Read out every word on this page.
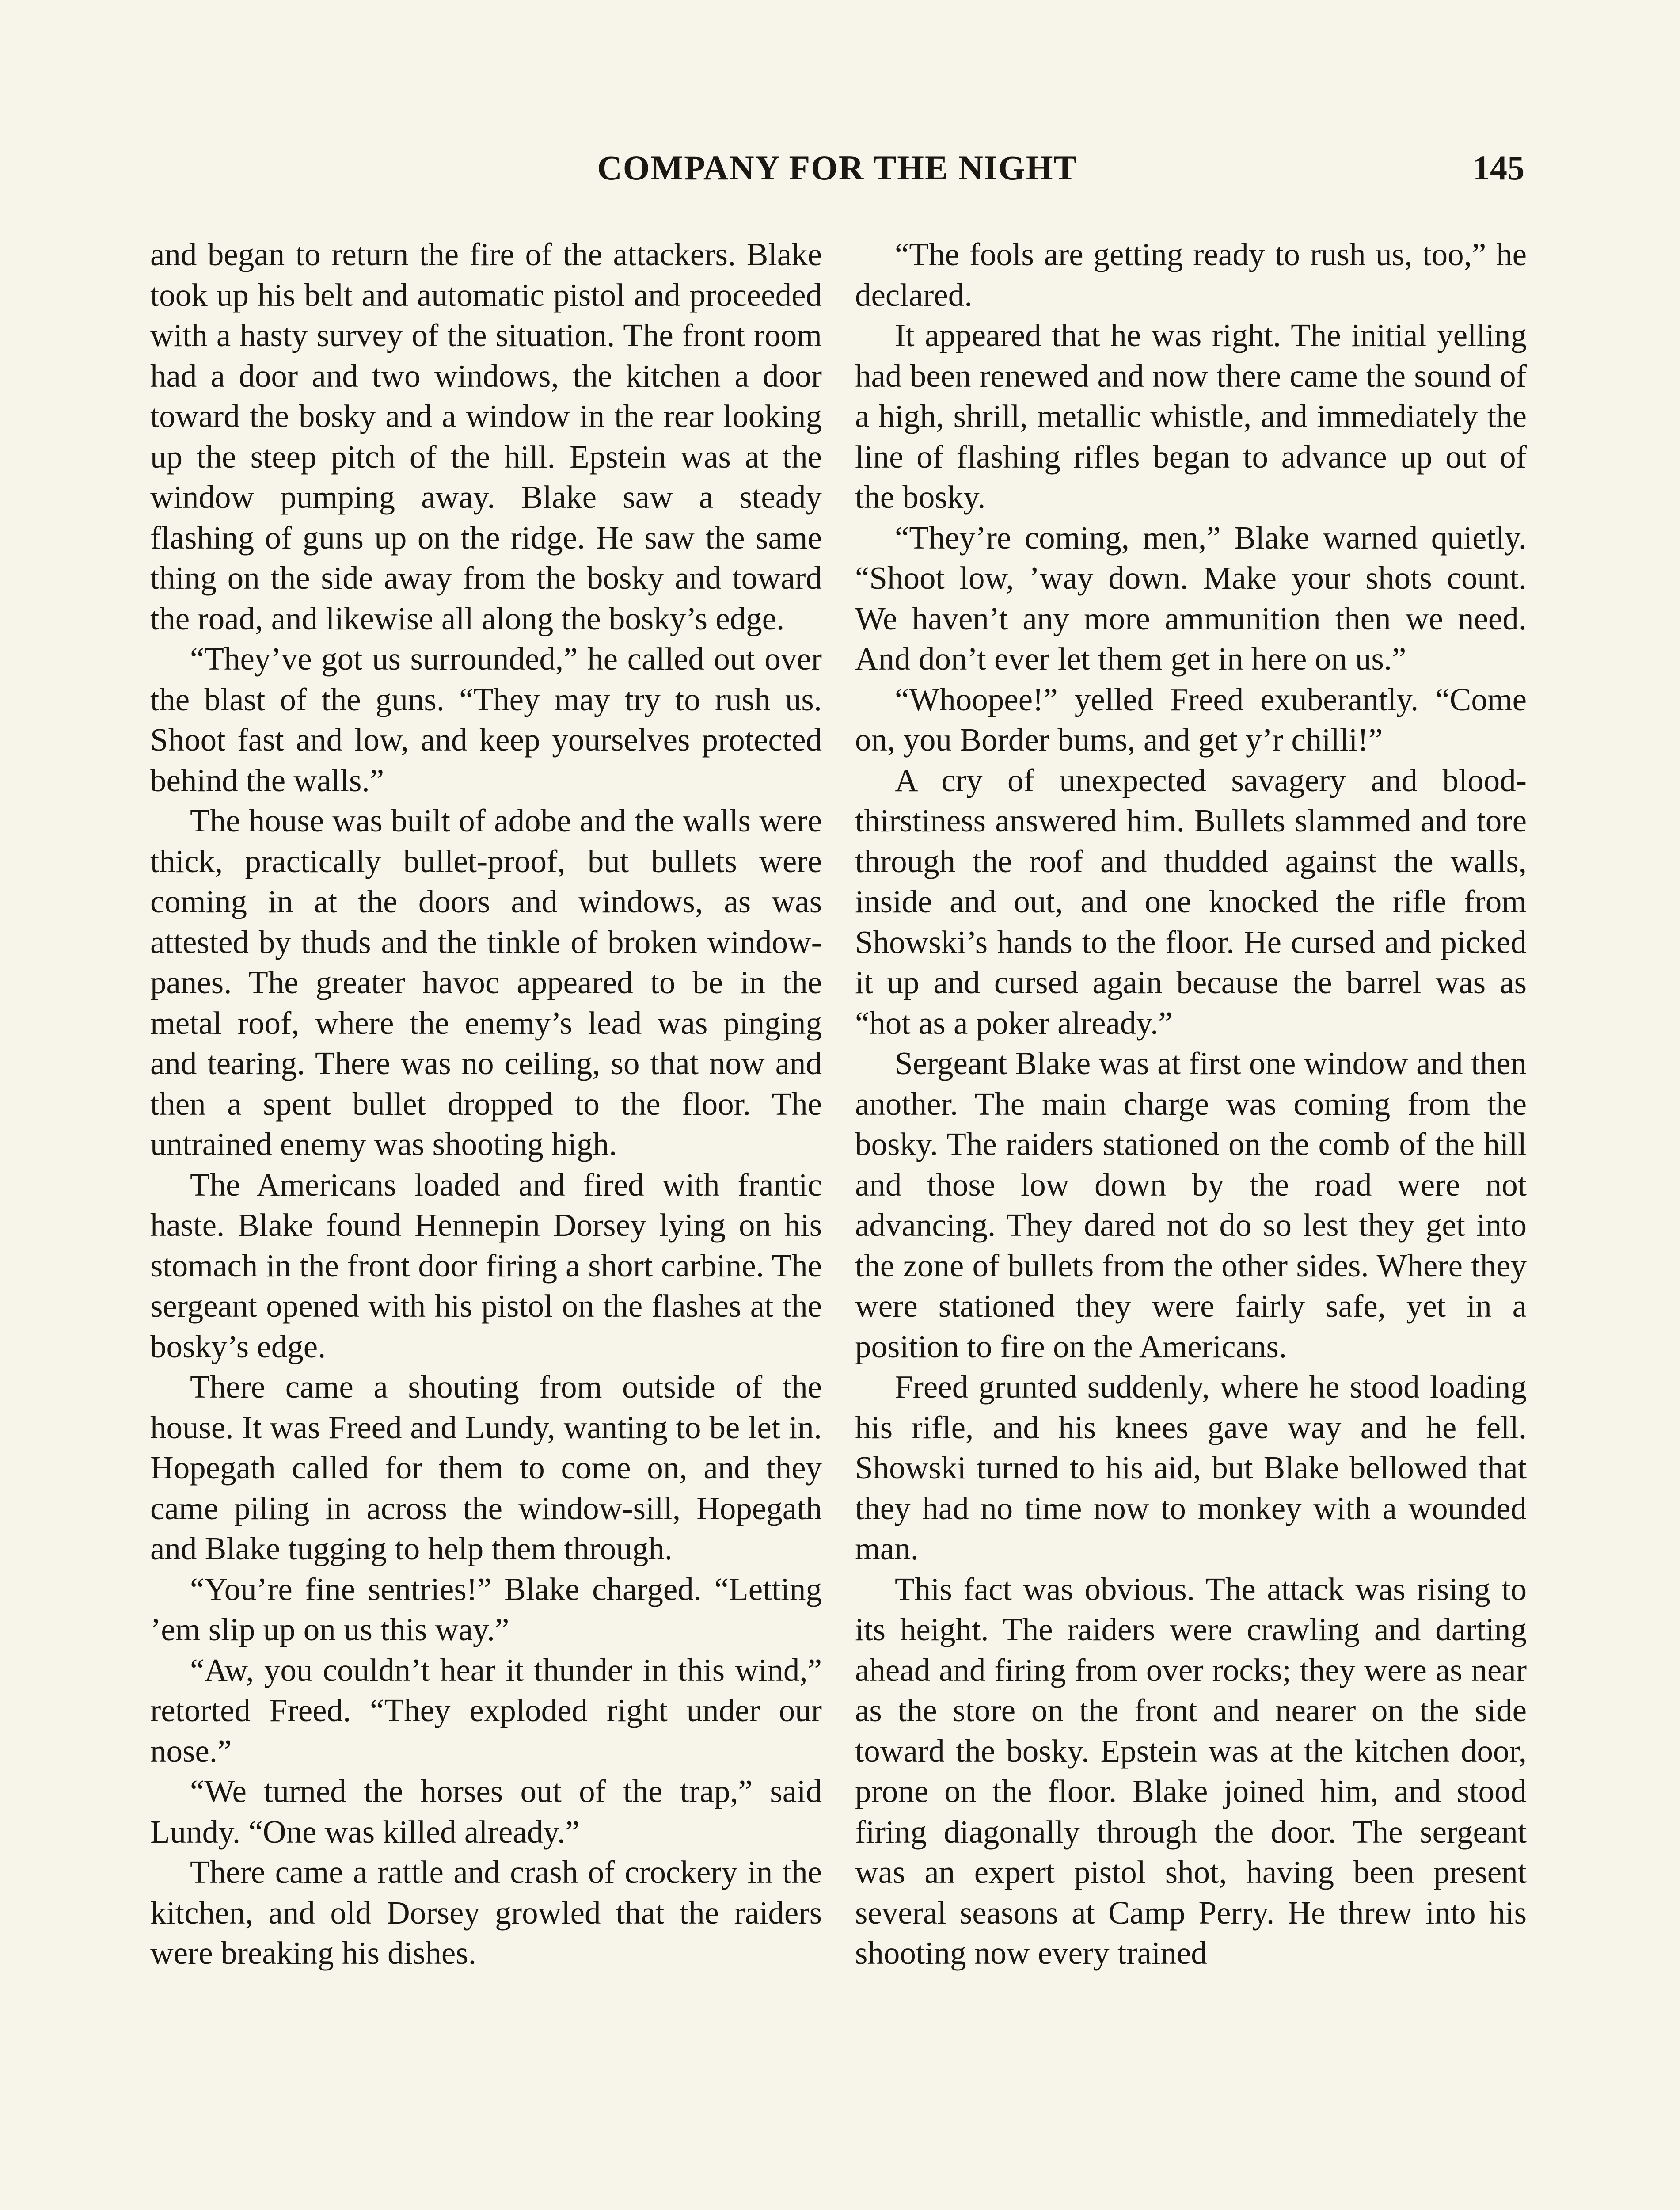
COMPANY FOR THE NIGHT	145

and began to return the fire of the attackers. Blake took up his belt and automatic pistol and proceeded with a hasty survey of the situation. The front room had a door and two windows, the kitchen a door toward the bosky and a window in the rear looking up the steep pitch of the hill. Epstein was at the window pumping away. Blake saw a steady flashing of guns up on the ridge. He saw the same thing on the side away from the bosky and toward the road, and likewise all along the bosky’s edge.

“They’ve got us surrounded,” he called out over the blast of the guns. “They may try to rush us. Shoot fast and low, and keep yourselves protected behind the walls.”

The house was built of adobe and the walls were thick, practically bullet-proof, but bullets were coming in at the doors and windows, as was attested by thuds and the tinkle of broken window-panes. The greater havoc appeared to be in the metal roof, where the enemy’s lead was pinging and tearing. There was no ceiling, so that now and then a spent bullet dropped to the floor. The untrained enemy was shooting high.

The Americans loaded and fired with frantic haste. Blake found Hennepin Dorsey lying on his stomach in the front door firing a short carbine. The sergeant opened with his pistol on the flashes at the bosky’s edge.

There came a shouting from outside of the house. It was Freed and Lundy, wanting to be let in. Hopegath called for them to come on, and they came piling in across the window-sill, Hopegath and Blake tugging to help them through.

“You’re fine sentries!” Blake charged. “Letting ’em slip up on us this way.”

“Aw, you couldn’t hear it thunder in this wind,” retorted Freed. “They exploded right under our nose.”

“We turned the horses out of the trap,” said Lundy. “One was killed already.”

There came a rattle and crash of crockery in the kitchen, and old Dorsey growled that the raiders were breaking his dishes.

“The fools are getting ready to rush us, too,” he declared.

It appeared that he was right. The initial yelling had been renewed and now there came the sound of a high, shrill, metallic whistle, and immediately the line of flashing rifles began to advance up out of the bosky.

“They’re coming, men,” Blake warned quietly. “Shoot low, ’way down. Make your shots count. We haven’t any more ammunition then we need. And don’t ever let them get in here on us.”

“Whoopee!” yelled Freed exuberantly. “Come on, you Border bums, and get y’r chilli!”

A cry of unexpected savagery and blood-thirstiness answered him. Bullets slammed and tore through the roof and thudded against the walls, inside and out, and one knocked the rifle from Showski’s hands to the floor. He cursed and picked it up and cursed again because the barrel was as “hot as a poker already.”

Sergeant Blake was at first one window and then another. The main charge was coming from the bosky. The raiders stationed on the comb of the hill and those low down by the road were not advancing. They dared not do so lest they get into the zone of bullets from the other sides. Where they were stationed they were fairly safe, yet in a position to fire on the Americans.

Freed grunted suddenly, where he stood loading his rifle, and his knees gave way and he fell. Showski turned to his aid, but Blake bellowed that they had no time now to monkey with a wounded man.

This fact was obvious. The attack was rising to its height. The raiders were crawling and darting ahead and firing from over rocks; they were as near as the store on the front and nearer on the side toward the bosky. Epstein was at the kitchen door, prone on the floor. Blake joined him, and stood firing diagonally through the door. The sergeant was an expert pistol shot, having been present several seasons at Camp Perry. He threw into his shooting now every trained
